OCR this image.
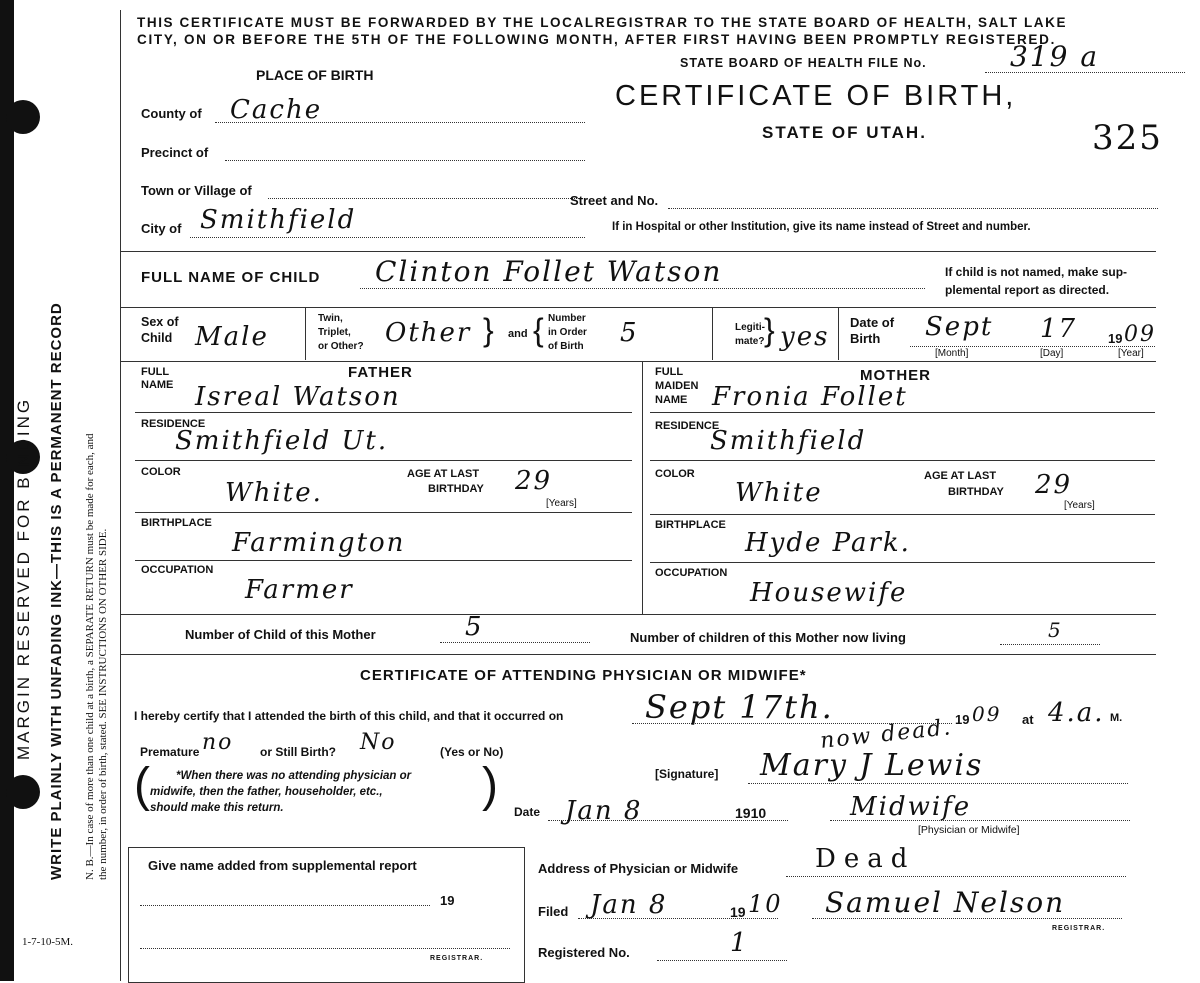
MARGIN RESERVED FOR BINDING WRITE PLAINLY WITH UNFADING INK—THIS IS A PERMANENT RECORD N. B.—In case of more than one child at a birth, a SEPARATE RETURN must be made for each, and the number, in order of birth, stated. SEE INSTRUCTIONS ON OTHER SIDE.
1-7-10-5M.
THIS CERTIFICATE MUST BE FORWARDED BY THE LOCALREGISTRAR TO THE STATE BOARD OF HEALTH, SALT LAKE
CITY, ON OR BEFORE THE 5TH OF THE FOLLOWING MONTH, AFTER FIRST HAVING BEEN PROMPTLY REGISTERED.
STATE BOARD OF HEALTH FILE No.	319 a
CERTIFICATE OF BIRTH,
STATE OF UTAH.	325
PLACE OF BIRTH
County of Cache
Precinct of
Town or Village of
City of Smithfield
Street and No.
If in Hospital or other Institution, give its name instead of Street and number.
FULL NAME OF CHILD Clinton Follet Watson	If child is not named, make sup-
plemental report as directed.
Sex of
Child Male
Twin,
Triplet,
or Other? Other } and { Number
in Order
of Birth 5	Legiti-
mate? } yes Date of
Birth Sept 17 19 09
[Month]	[Day]	[Year]
FULL
NAME
FATHER
Isreal Watson
RESIDENCE
Smithfield Ut.
COLOR
White.
AGE AT LAST
BIRTHDAY 29
[Years]
BIRTHPLACE
Farmington
OCCUPATION
Farmer
FULL
MAIDEN
NAME
MOTHER
Fronia Follet
RESIDENCE
Smithfield
COLOR
White
AGE AT LAST
BIRTHDAY 29
[Years]
BIRTHPLACE
Hyde Park.
OCCUPATION
Housewife
Number of Child of this Mother	5	Number of children of this Mother now living	5
CERTIFICATE OF ATTENDING PHYSICIAN OR MIDWIFE*
I hereby certify that I attended the birth of this child, and that it occurred on	Sept 17th.	19 09 at 4.a. M.
Premature no or Still Birth? No	(Yes or No)
(	)
*When there was no attending physician or
midwife, then the father, householder, etc.,
should make this return.
[Signature] Mary J Lewis
now dead.
Date Jan 8	1910	Midwife
[Physician or Midwife]
Give name added from supplemental report
19
REGISTRAR.
Address of Physician or Midwife	Dead
Filed Jan 8	19 10 Samuel Nelson
REGISTRAR.
Registered No.	1
